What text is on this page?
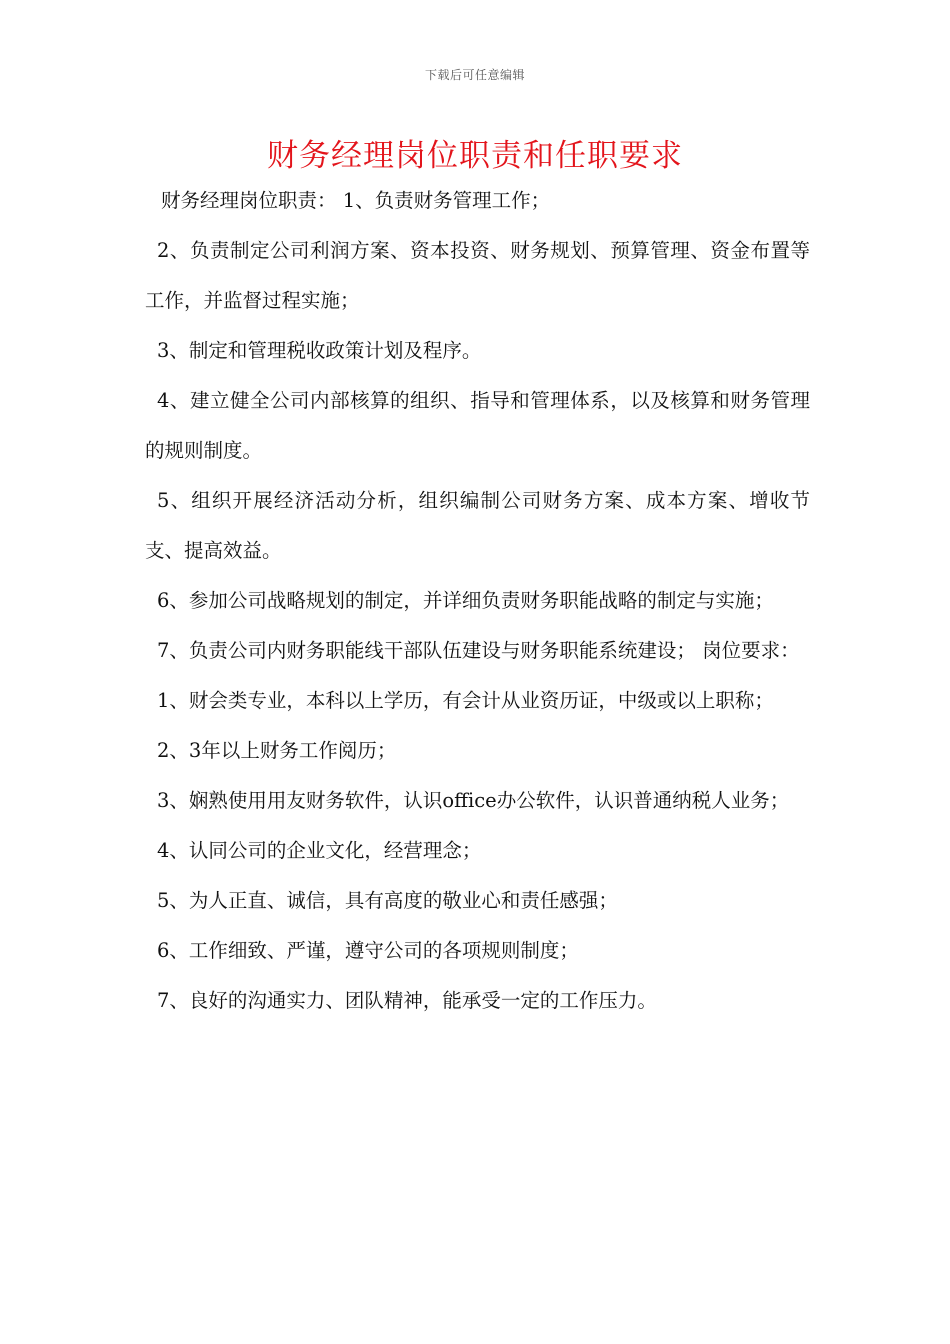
下载后可任意编辑
财务经理岗位职责和任职要求

财务经理岗位职责： 1、负责财务管理工作；

2、负责制定公司利润方案、资本投资、财务规划、预算管理、资金布置等工作，并监督过程实施；

3、制定和管理税收政策计划及程序。

4、建立健全公司内部核算的组织、指导和管理体系，以及核算和财务管理的规则制度。

5、组织开展经济活动分析，组织编制公司财务方案、成本方案、增收节支、提高效益。

6、参加公司战略规划的制定，并详细负责财务职能战略的制定与实施；

7、负责公司内财务职能线干部队伍建设与财务职能系统建设； 岗位要求：

1、财会类专业，本科以上学历，有会计从业资历证，中级或以上职称；

2、3年以上财务工作阅历；

3、娴熟使用用友财务软件，认识office办公软件，认识普通纳税人业务；

4、认同公司的企业文化，经营理念；

5、为人正直、诚信，具有高度的敬业心和责任感强；

6、工作细致、严谨，遵守公司的各项规则制度；

7、良好的沟通实力、团队精神，能承受一定的工作压力。
